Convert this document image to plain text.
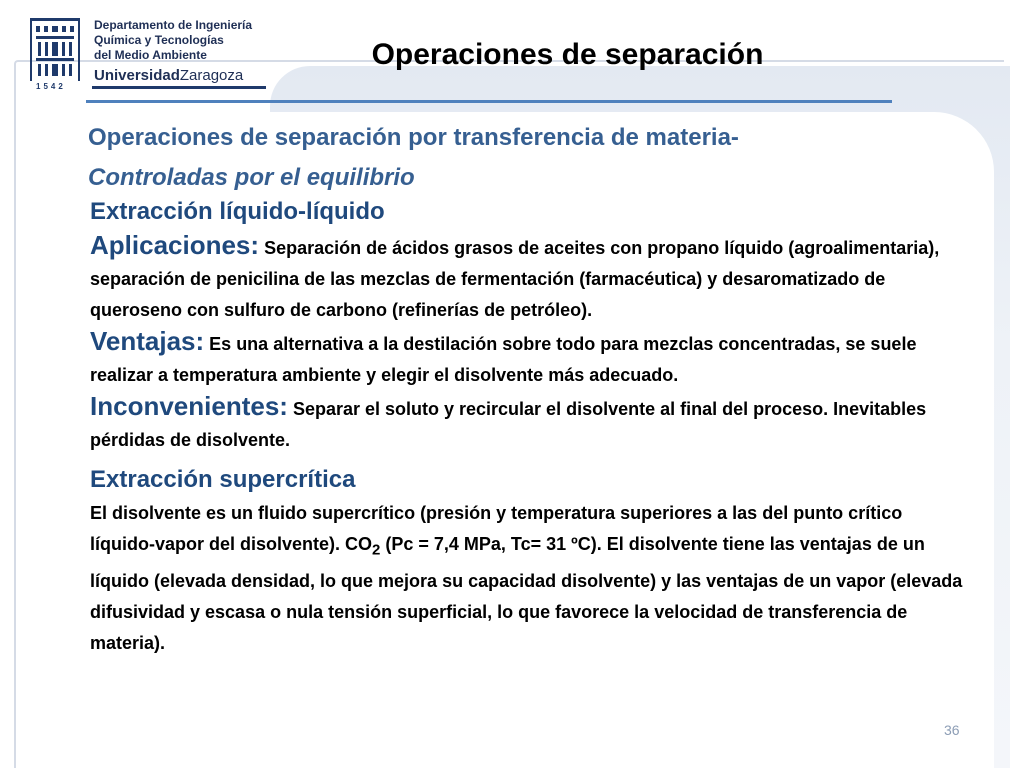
1542
Departamento de Ingeniería
Química y Tecnologías
del Medio Ambiente
UniversidadZaragoza
Operaciones de separación
Operaciones de separación por transferencia de materia-
Controladas por el equilibrio
Extracción líquido-líquido
Aplicaciones: Separación de ácidos grasos de aceites con propano líquido (agroalimentaria), separación de penicilina de las mezclas de fermentación (farmacéutica) y desaromatizado de queroseno con sulfuro de carbono (refinerías de petróleo).
Ventajas: Es una alternativa a la destilación sobre todo para mezclas concentradas, se suele realizar a temperatura ambiente y elegir el disolvente más adecuado.
Inconvenientes: Separar el soluto y recircular el disolvente al final del proceso. Inevitables pérdidas de disolvente.
Extracción supercrítica
El disolvente es un fluido supercrítico (presión y temperatura superiores a las del punto crítico líquido-vapor del disolvente). $CO_2$ (Pc = 7,4 MPa, Tc= 31 ºC). El disolvente tiene las ventajas de un líquido (elevada densidad, lo que mejora su capacidad disolvente) y las ventajas de un vapor (elevada difusividad y escasa o nula tensión superficial, lo que favorece la velocidad de transferencia de materia).
36
